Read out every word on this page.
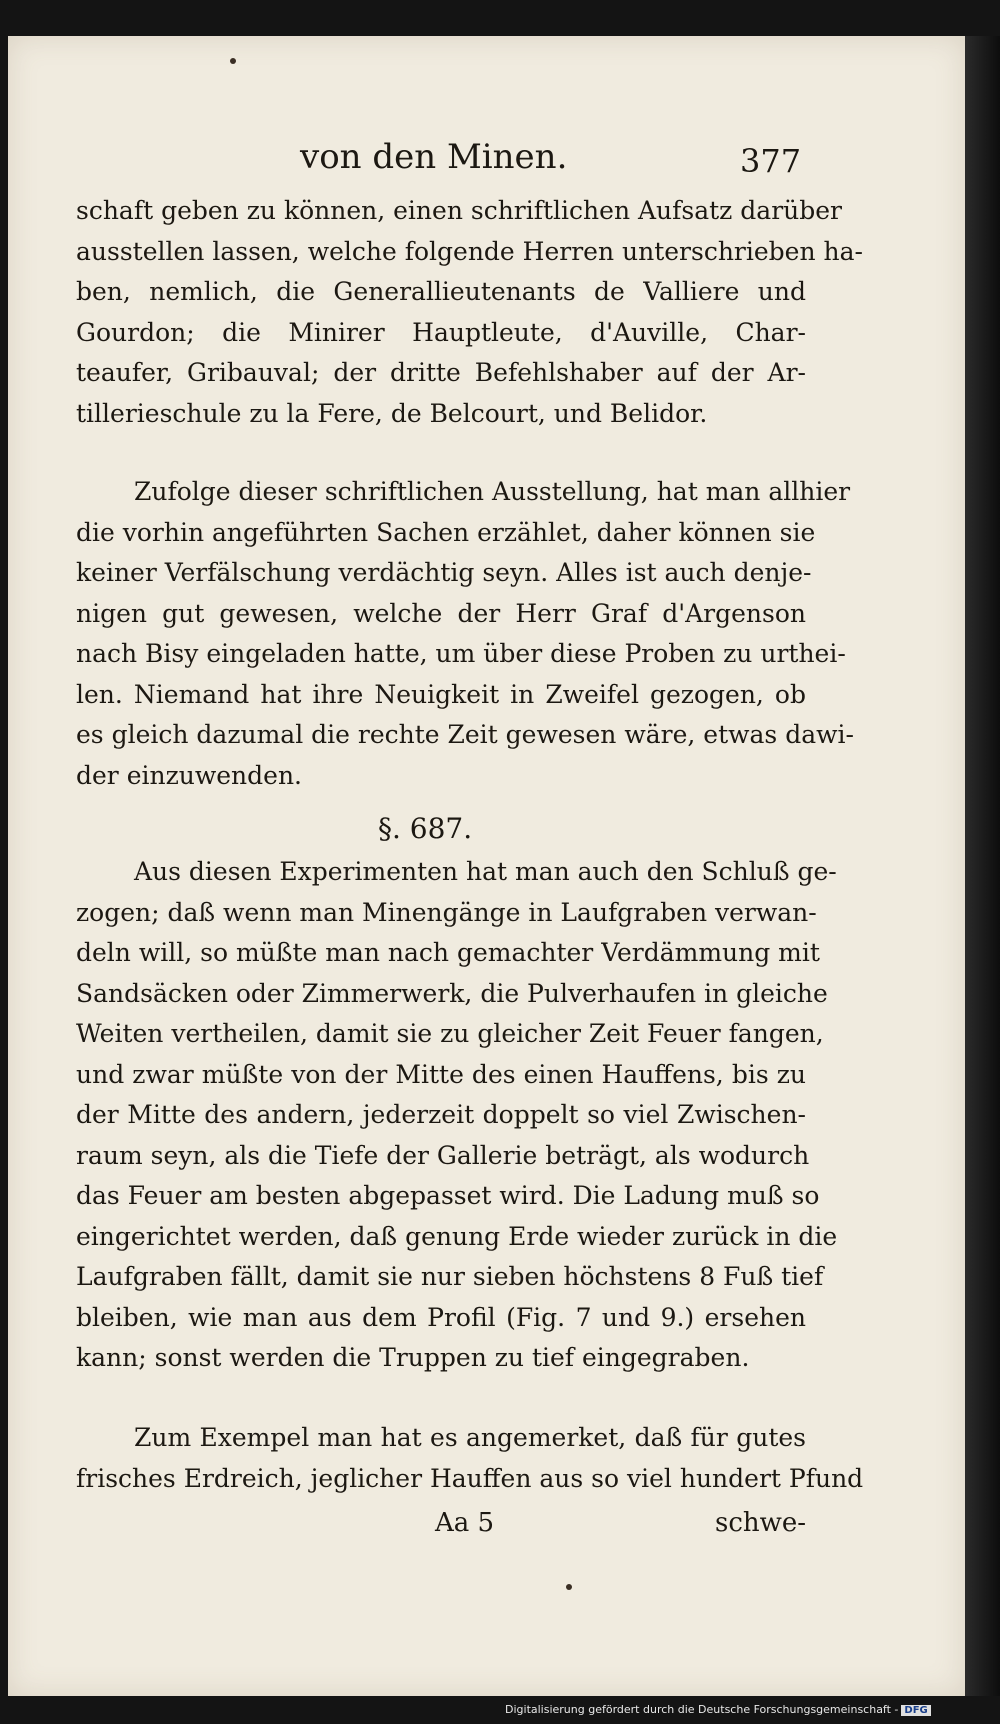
von den Minen.	377
schaft geben zu können, einen schriftlichen Aufsatz darüber
ausstellen lassen, welche folgende Herren unterschrieben ha-
ben, nemlich, die Generallieutenants de Valliere und
Gourdon; die Minirer Hauptleute, d'Auville, Char-
teaufer, Gribauval; der dritte Befehlshaber auf der Ar-
tillerieschule zu la Fere, de Belcourt, und Belidor.
Zufolge dieser schriftlichen Ausstellung, hat man allhier
die vorhin angeführten Sachen erzählet, daher können sie
keiner Verfälschung verdächtig seyn. Alles ist auch denje-
nigen gut gewesen, welche der Herr Graf d'Argenson
nach Bisy eingeladen hatte, um über diese Proben zu urthei-
len. Niemand hat ihre Neuigkeit in Zweifel gezogen, ob
es gleich dazumal die rechte Zeit gewesen wäre, etwas dawi-
der einzuwenden.
§. 687.
Aus diesen Experimenten hat man auch den Schluß ge-
zogen; daß wenn man Minengänge in Laufgraben verwan-
deln will, so müßte man nach gemachter Verdämmung mit
Sandsäcken oder Zimmerwerk, die Pulverhaufen in gleiche
Weiten vertheilen, damit sie zu gleicher Zeit Feuer fangen,
und zwar müßte von der Mitte des einen Hauffens, bis zu
der Mitte des andern, jederzeit doppelt so viel Zwischen-
raum seyn, als die Tiefe der Gallerie beträgt, als wodurch
das Feuer am besten abgepasset wird. Die Ladung muß so
eingerichtet werden, daß genung Erde wieder zurück in die
Laufgraben fällt, damit sie nur sieben höchstens 8 Fuß tief
bleiben, wie man aus dem Profil (Fig. 7 und 9.) ersehen
kann; sonst werden die Truppen zu tief eingegraben.
Zum Exempel man hat es angemerket, daß für gutes
frisches Erdreich, jeglicher Hauffen aus so viel hundert Pfund
Aa 5	schwe-
Digitalisierung gefördert durch die Deutsche Forschungsgemeinschaft - DFG
